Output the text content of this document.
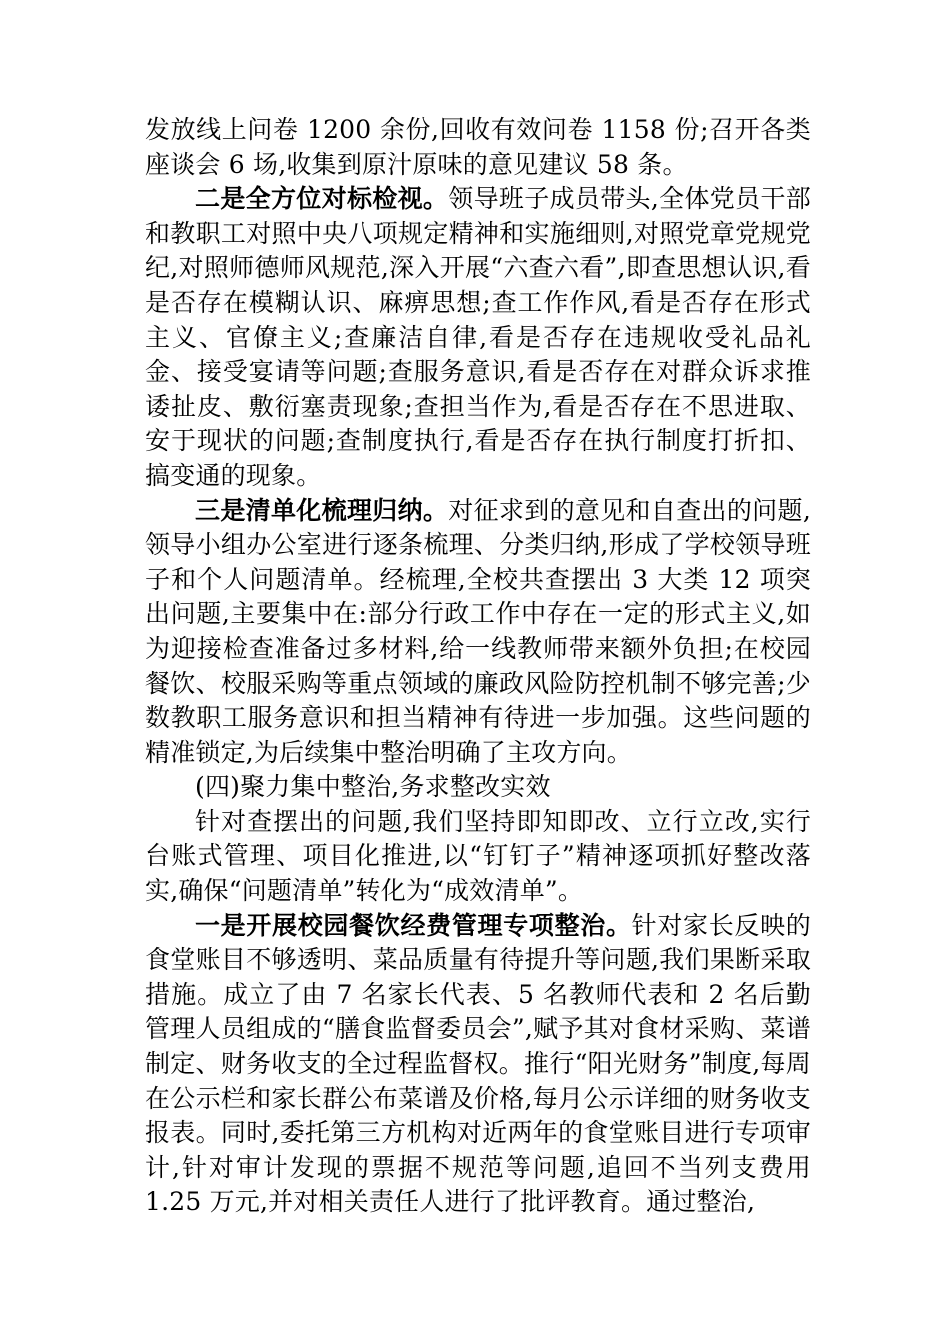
发放线上问卷 1200 余份,回收有效问卷 1158 份;召开各类座谈会 6 场,收集到原汁原味的意见建议 58 条。

二是全方位对标检视。领导班子成员带头,全体党员干部和教职工对照中央八项规定精神和实施细则,对照党章党规党纪,对照师德师风规范,深入开展“六查六看”,即查思想认识,看是否存在模糊认识、麻痹思想;查工作作风,看是否存在形式主义、官僚主义;查廉洁自律,看是否存在违规收受礼品礼金、接受宴请等问题;查服务意识,看是否存在对群众诉求推诿扯皮、敷衍塞责现象;查担当作为,看是否存在不思进取、安于现状的问题;查制度执行,看是否存在执行制度打折扣、搞变通的现象。

三是清单化梳理归纳。对征求到的意见和自查出的问题,领导小组办公室进行逐条梳理、分类归纳,形成了学校领导班子和个人问题清单。经梳理,全校共查摆出 3 大类 12 项突出问题,主要集中在:部分行政工作中存在一定的形式主义,如为迎接检查准备过多材料,给一线教师带来额外负担;在校园餐饮、校服采购等重点领域的廉政风险防控机制不够完善;少数教职工服务意识和担当精神有待进一步加强。这些问题的精准锁定,为后续集中整治明确了主攻方向。

(四)聚力集中整治,务求整改实效

针对查摆出的问题,我们坚持即知即改、立行立改,实行台账式管理、项目化推进,以“钉钉子”精神逐项抓好整改落实,确保“问题清单”转化为“成效清单”。

一是开展校园餐饮经费管理专项整治。针对家长反映的食堂账目不够透明、菜品质量有待提升等问题,我们果断采取措施。成立了由 7 名家长代表、5 名教师代表和 2 名后勤管理人员组成的“膳食监督委员会”,赋予其对食材采购、菜谱制定、财务收支的全过程监督权。推行“阳光财务”制度,每周在公示栏和家长群公布菜谱及价格,每月公示详细的财务收支报表。同时,委托第三方机构对近两年的食堂账目进行专项审计,针对审计发现的票据不规范等问题,追回不当列支费用 1.25 万元,并对相关责任人进行了批评教育。通过整治,
